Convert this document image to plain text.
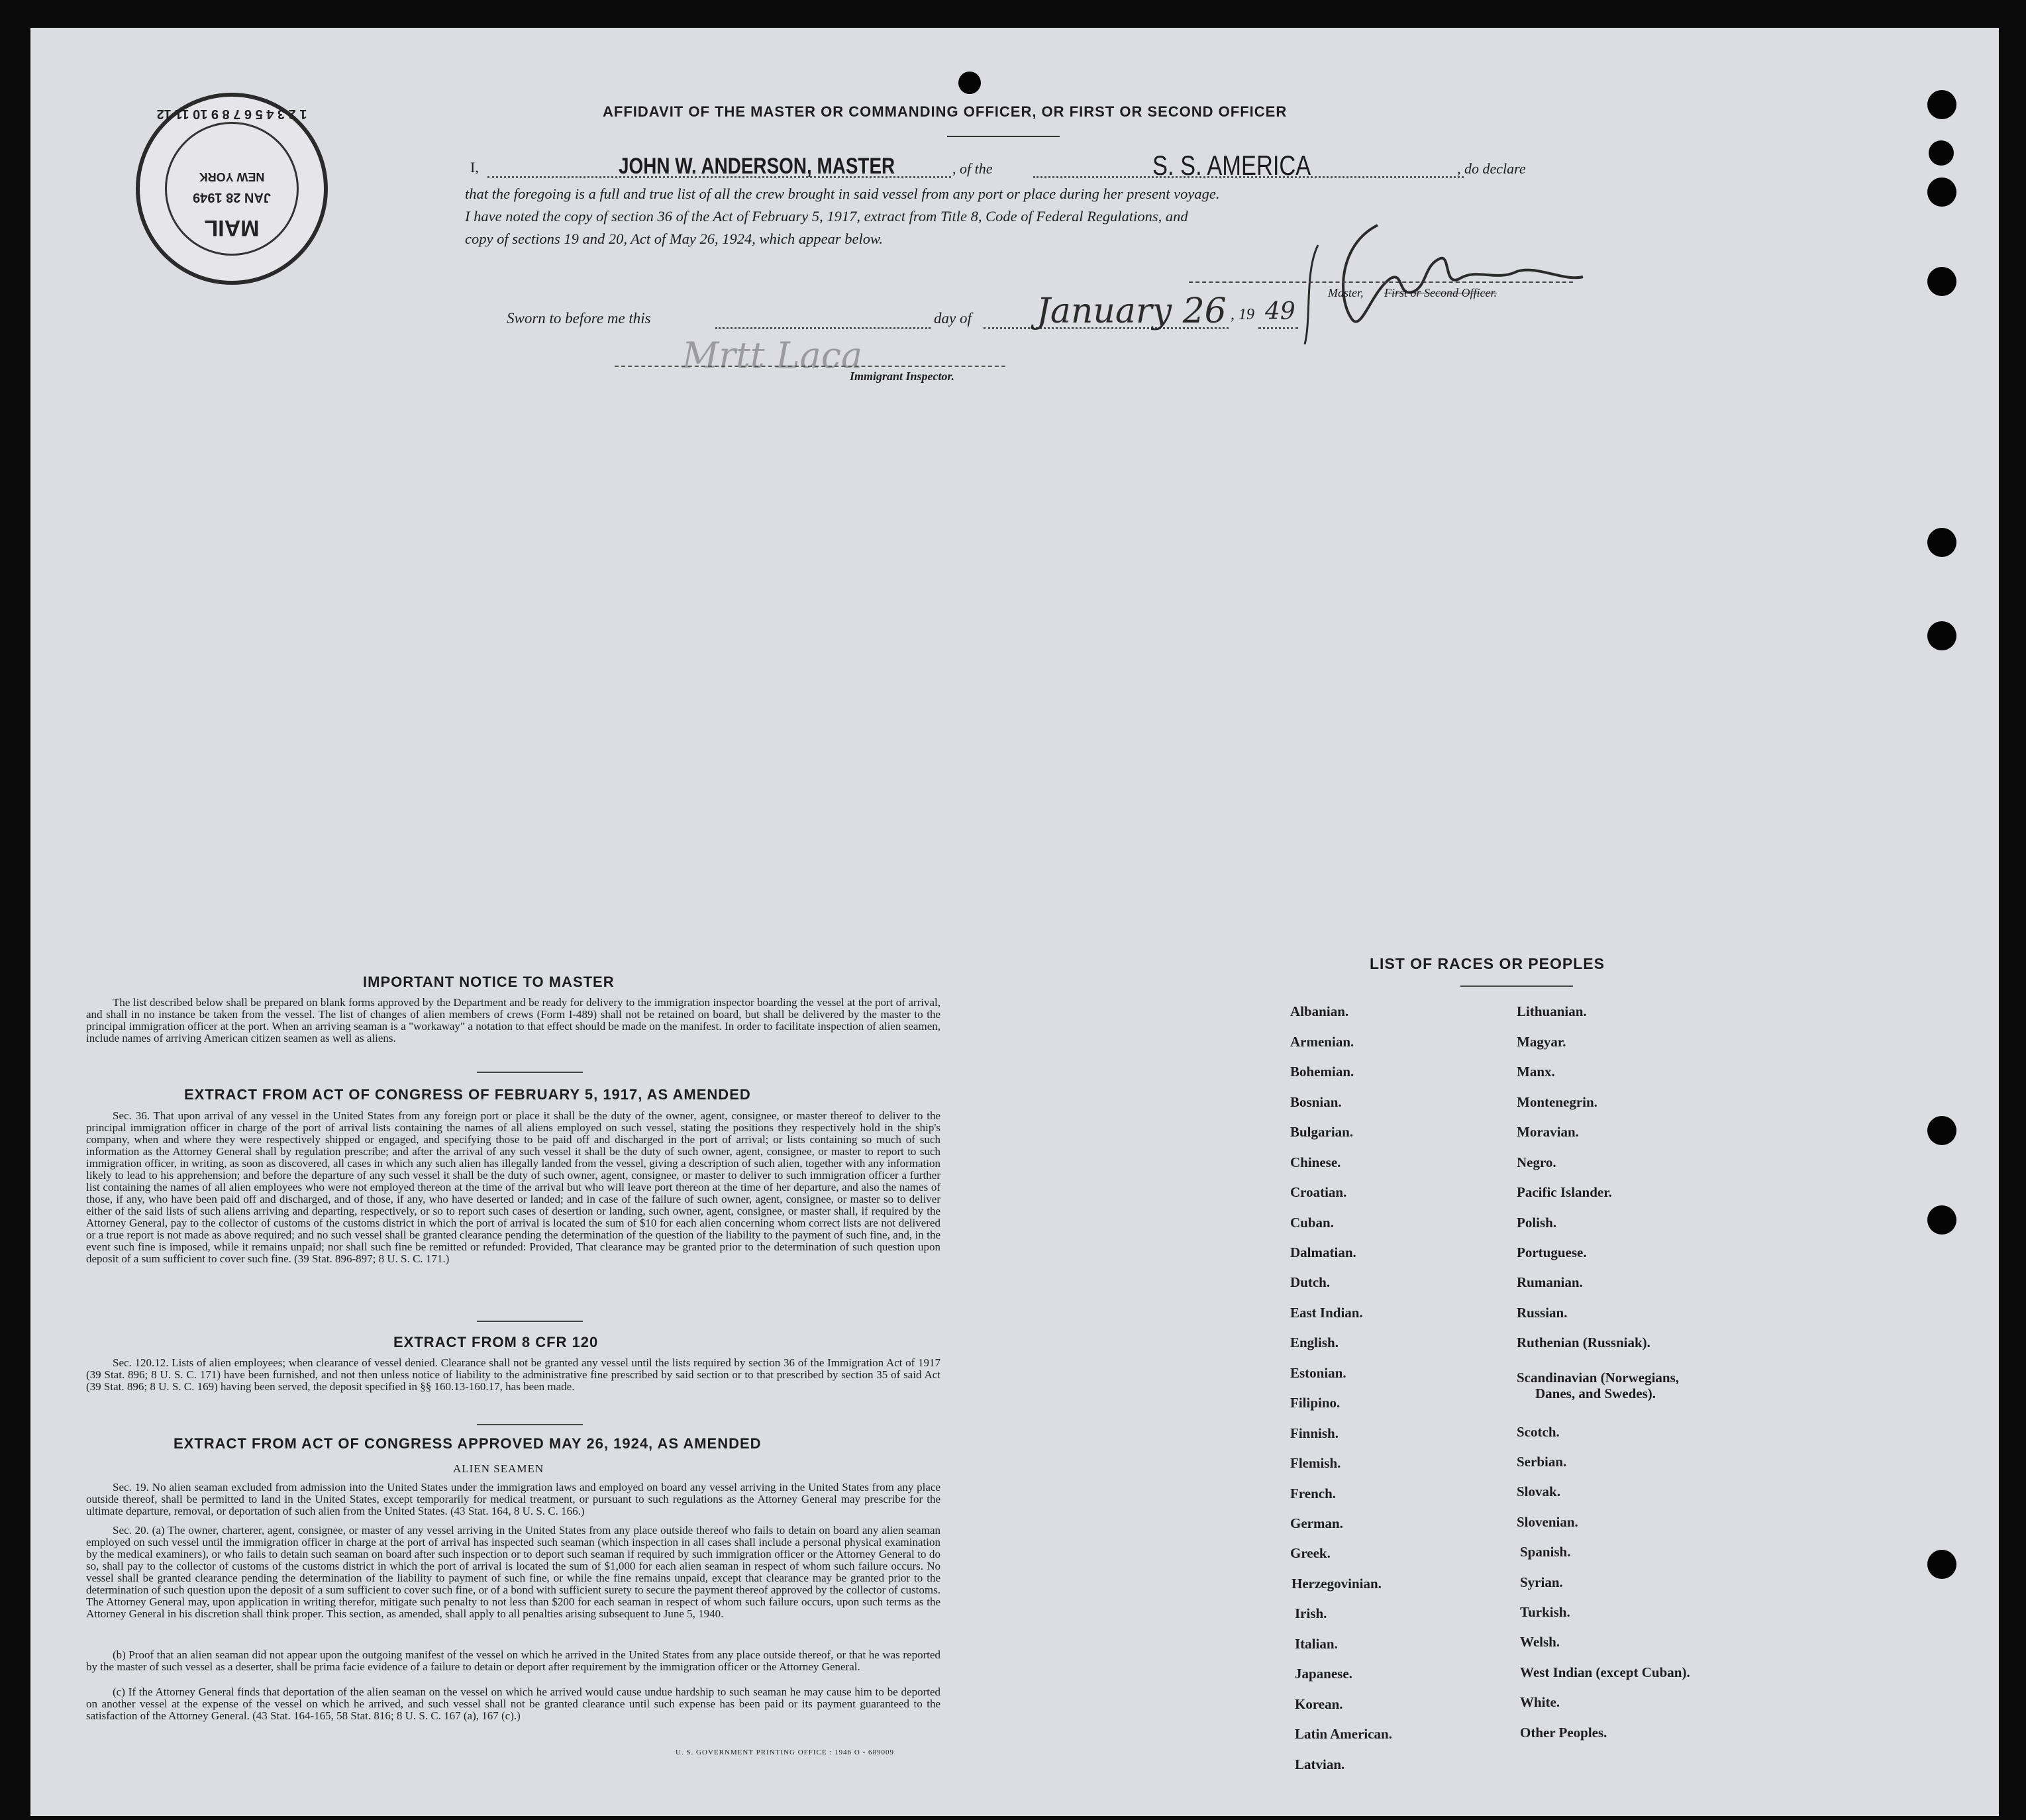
1 2 3 4 5 6 7 8 9 10 11 12
MAIL
JAN 28 1949
NEW YORK
AFFIDAVIT OF THE MASTER OR COMMANDING OFFICER, OR FIRST OR SECOND OFFICER
I,	JOHN W. ANDERSON, MASTER	, of the	S. S. AMERICA	, do declare
that the foregoing is a full and true list of all the crew brought in said vessel from any port or place during her present voyage.
I have noted the copy of section 36 of the Act of February 5, 1917, extract from Title 8, Code of Federal Regulations, and
copy of sections 19 and 20, Act of May 26, 1924, which appear below.
Master, First or Second Officer.
Sworn to before me this	day of January 26 , 19 49
Mrtt Laca
Immigrant Inspector.
IMPORTANT NOTICE TO MASTER
The list described below shall be prepared on blank forms approved by the Department and be ready for delivery to the immigration inspector boarding the vessel at the port of arrival, and shall in no instance be taken from the vessel. The list of changes of alien members of crews (Form I-489) shall not be retained on board, but shall be delivered by the master to the principal immigration officer at the port. When an arriving seaman is a "workaway" a notation to that effect should be made on the manifest. In order to facilitate inspection of alien seamen, include names of arriving American citizen seamen as well as aliens.
EXTRACT FROM ACT OF CONGRESS OF FEBRUARY 5, 1917, AS AMENDED
Sec. 36. That upon arrival of any vessel in the United States from any foreign port or place it shall be the duty of the owner, agent, consignee, or master thereof to deliver to the principal immigration officer in charge of the port of arrival lists containing the names of all aliens employed on such vessel, stating the positions they respectively hold in the ship's company, when and where they were respectively shipped or engaged, and specifying those to be paid off and discharged in the port of arrival; or lists containing so much of such information as the Attorney General shall by regulation prescribe; and after the arrival of any such vessel it shall be the duty of such owner, agent, consignee, or master to report to such immigration officer, in writing, as soon as discovered, all cases in which any such alien has illegally landed from the vessel, giving a description of such alien, together with any information likely to lead to his apprehension; and before the departure of any such vessel it shall be the duty of such owner, agent, consignee, or master to deliver to such immigration officer a further list containing the names of all alien employees who were not employed thereon at the time of the arrival but who will leave port thereon at the time of her departure, and also the names of those, if any, who have been paid off and discharged, and of those, if any, who have deserted or landed; and in case of the failure of such owner, agent, consignee, or master so to deliver either of the said lists of such aliens arriving and departing, respectively, or so to report such cases of desertion or landing, such owner, agent, consignee, or master shall, if required by the Attorney General, pay to the collector of customs of the customs district in which the port of arrival is located the sum of $10 for each alien concerning whom correct lists are not delivered or a true report is not made as above required; and no such vessel shall be granted clearance pending the determination of the question of the liability to the payment of such fine, and, in the event such fine is imposed, while it remains unpaid; nor shall such fine be remitted or refunded: Provided, That clearance may be granted prior to the determination of such question upon deposit of a sum sufficient to cover such fine. (39 Stat. 896-897; 8 U. S. C. 171.)
EXTRACT FROM 8 CFR 120
Sec. 120.12. Lists of alien employees; when clearance of vessel denied. Clearance shall not be granted any vessel until the lists required by section 36 of the Immigration Act of 1917 (39 Stat. 896; 8 U. S. C. 171) have been furnished, and not then unless notice of liability to the administrative fine prescribed by said section or to that prescribed by section 35 of said Act (39 Stat. 896; 8 U. S. C. 169) having been served, the deposit specified in §§ 160.13-160.17, has been made.
EXTRACT FROM ACT OF CONGRESS APPROVED MAY 26, 1924, AS AMENDED
ALIEN SEAMEN
Sec. 19. No alien seaman excluded from admission into the United States under the immigration laws and employed on board any vessel arriving in the United States from any place outside thereof, shall be permitted to land in the United States, except temporarily for medical treatment, or pursuant to such regulations as the Attorney General may prescribe for the ultimate departure, removal, or deportation of such alien from the United States. (43 Stat. 164, 8 U. S. C. 166.)
Sec. 20. (a) The owner, charterer, agent, consignee, or master of any vessel arriving in the United States from any place outside thereof who fails to detain on board any alien seaman employed on such vessel until the immigration officer in charge at the port of arrival has inspected such seaman (which inspection in all cases shall include a personal physical examination by the medical examiners), or who fails to detain such seaman on board after such inspection or to deport such seaman if required by such immigration officer or the Attorney General to do so, shall pay to the collector of customs of the customs district in which the port of arrival is located the sum of $1,000 for each alien seaman in respect of whom such failure occurs. No vessel shall be granted clearance pending the determination of the liability to payment of such fine, or while the fine remains unpaid, except that clearance may be granted prior to the determination of such question upon the deposit of a sum sufficient to cover such fine, or of a bond with sufficient surety to secure the payment thereof approved by the collector of customs. The Attorney General may, upon application in writing therefor, mitigate such penalty to not less than $200 for each seaman in respect of whom such failure occurs, upon such terms as the Attorney General in his discretion shall think proper. This section, as amended, shall apply to all penalties arising subsequent to June 5, 1940.
(b) Proof that an alien seaman did not appear upon the outgoing manifest of the vessel on which he arrived in the United States from any place outside thereof, or that he was reported by the master of such vessel as a deserter, shall be prima facie evidence of a failure to detain or deport after requirement by the immigration officer or the Attorney General.
(c) If the Attorney General finds that deportation of the alien seaman on the vessel on which he arrived would cause undue hardship to such seaman he may cause him to be deported on another vessel at the expense of the vessel on which he arrived, and such vessel shall not be granted clearance until such expense has been paid or its payment guaranteed to the satisfaction of the Attorney General. (43 Stat. 164-165, 58 Stat. 816; 8 U. S. C. 167 (a), 167 (c).)
U. S. GOVERNMENT PRINTING OFFICE : 1946 O - 689009
LIST OF RACES OR PEOPLES
Albanian.
Armenian.
Bohemian.
Bosnian.
Bulgarian.
Chinese.
Croatian.
Cuban.
Dalmatian.
Dutch.
East Indian.
English.
Estonian.
Filipino.
Finnish.
Flemish.
French.
German.
Greek.
Herzegovinian.
Irish.
Italian.
Japanese.
Korean.
Latin American.
Latvian.
Lithuanian.
Magyar.
Manx.
Montenegrin.
Moravian.
Negro.
Pacific Islander.
Polish.
Portuguese.
Rumanian.
Russian.
Ruthenian (Russniak).
Scandinavian (Norwegians,
Danes, and Swedes).
Scotch.
Serbian.
Slovak.
Slovenian.
Spanish.
Syrian.
Turkish.
Welsh.
West Indian (except Cuban).
White.
Other Peoples.
